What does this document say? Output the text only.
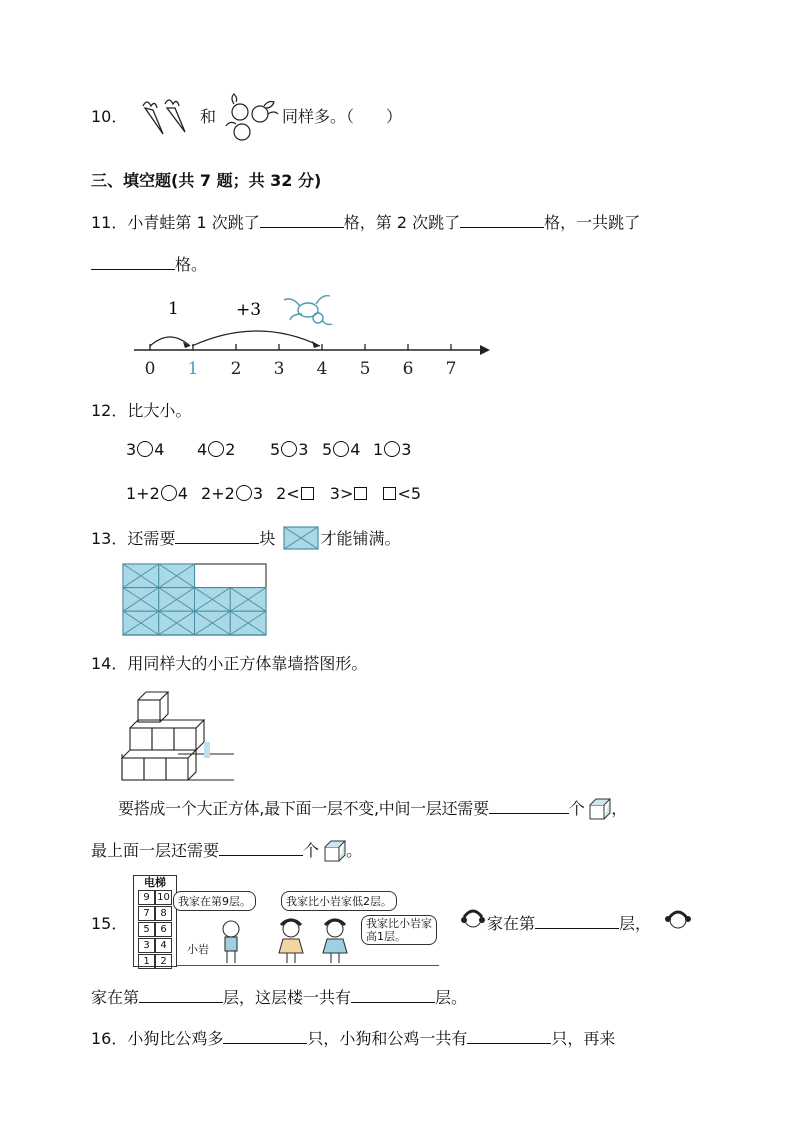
10．	和	同样多。（　　）
三、填空题(共 7 题；共 32 分)
11．小青蛙第 1 次跳了	格，第 2 次跳了	格，一共跳了
格。
0 1 2 3 4 5 6 7
1	+3
12．比大小。
3 4 4 2 5 3 5 4 1 3
1+2 4 2+2 3 2< 3>	<5
13．还需要	块	才能铺满。
14．用同样大的小正方体靠墙搭图形。
要搭成一个大正方体,最下面一层不变,中间一层还需要	个 ，
最上面一层还需要	个 。
15．
电梯
9 10
7	8
5	6
3	4
1	2
我家在第9层。	我家比小岩家低2层。
我家比小岩家
高1层。
小岩
家在第	层，
家在第	层，这层楼一共有	层。
16．小狗比公鸡多	只，小狗和公鸡一共有	只，再来
